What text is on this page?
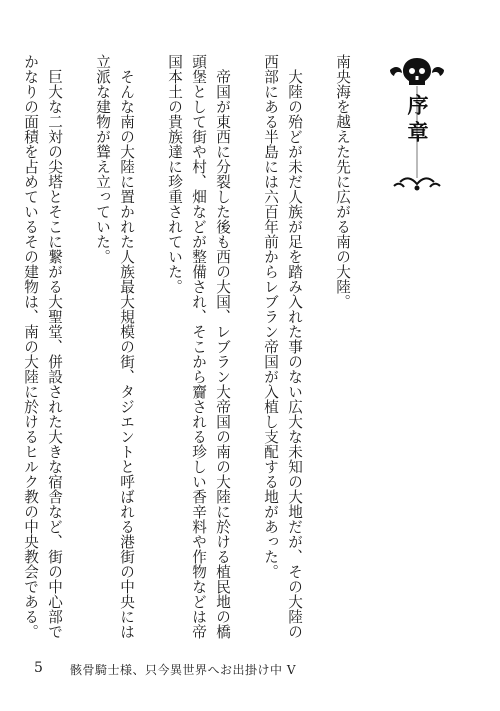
序章

南央海を越えた先に広がる南の大陸。

大陸の殆どが未だ人族が足を踏み入れた事のない広大な未知の大地だが、その大陸の西部にある半島には六百年前からレブラン帝国が入植し支配する地があった。

帝国が東西に分裂した後も西の大国、レブラン大帝国の南の大陸に於ける植民地の橋頭堡として街や村、畑などが整備され、そこから齎される珍しい香辛料や作物などは帝国本土の貴族達に珍重されていた。

そんな南の大陸に置かれた人族最大規模の街、タジエントと呼ばれる港街の中央には立派な建物が聳え立っていた。

巨大な二対の尖塔とそこに繋がる大聖堂、併設された大きな宿舎など、街の中心部でかなりの面積を占めているその建物は、南の大陸に於けるヒルク教の中央教会である。

5 骸骨騎士様、只今異世界へお出掛け中 V
